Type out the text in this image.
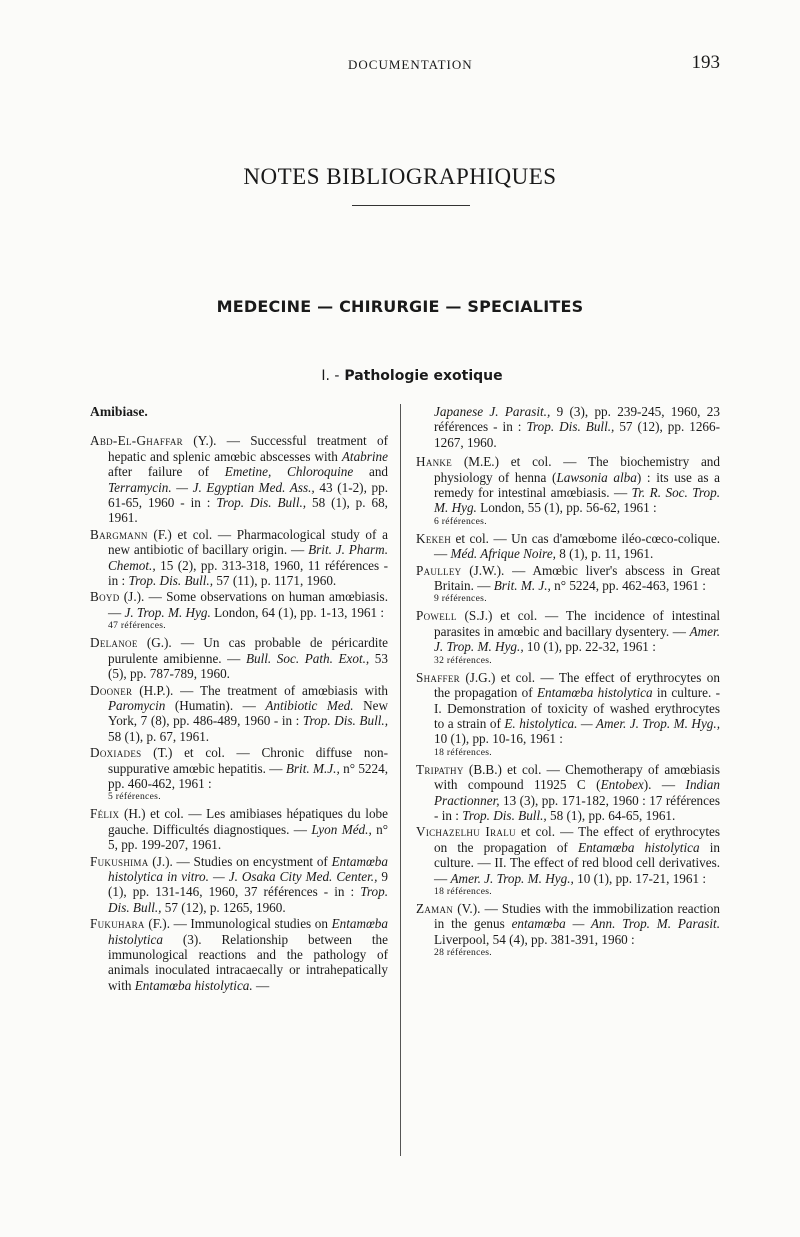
DOCUMENTATION	193
NOTES BIBLIOGRAPHIQUES
MEDECINE — CHIRURGIE — SPECIALITES
I. - Pathologie exotique
Amibiase.
Abd-El-Ghaffar (Y.). — Successful treatment of hepatic and splenic amœbic abscesses with Atabrine after failure of Emetine, Chloroquine and Terramycin. — J. Egyptian Med. Ass., 43 (1-2), pp. 61-65, 1960 - in : Trop. Dis. Bull., 58 (1), p. 68, 1961.
Bargmann (F.) et col. — Pharmacological study of a new antibiotic of bacillary origin. — Brit. J. Pharm. Chemot., 15 (2), pp. 313-318, 1960, 11 références - in : Trop. Dis. Bull., 57 (11), p. 1171, 1960.
Boyd (J.). — Some observations on human amœbiasis. — J. Trop. M. Hyg. London, 64 (1), pp. 1-13, 1961 :
47 références.
Delanoe (G.). — Un cas probable de péricardite purulente amibienne. — Bull. Soc. Path. Exot., 53 (5), pp. 787-789, 1960.
Dooner (H.P.). — The treatment of amœbiasis with Paromycin (Humatin). — Antibiotic Med. New York, 7 (8), pp. 486-489, 1960 - in : Trop. Dis. Bull., 58 (1), p. 67, 1961.
Doxiades (T.) et col. — Chronic diffuse non-suppurative amœbic hepatitis. — Brit. M.J., n° 5224, pp. 460-462, 1961 :
5 références.
Félix (H.) et col. — Les amibiases hépatiques du lobe gauche. Difficultés diagnostiques. — Lyon Méd., n° 5, pp. 199-207, 1961.
Fukushima (J.). — Studies on encystment of Entamœba histolytica in vitro. — J. Osaka City Med. Center., 9 (1), pp. 131-146, 1960, 37 références - in : Trop. Dis. Bull., 57 (12), p. 1265, 1960.
Fukuhara (F.). — Immunological studies on Entamœba histolytica (3). Relationship between the immunological reactions and the pathology of animals inoculated intracaecally or intrahepatically with Entamœba histolytica. —
Japanese J. Parasit., 9 (3), pp. 239-245, 1960, 23 références - in : Trop. Dis. Bull., 57 (12), pp. 1266-1267, 1960.
Hanke (M.E.) et col. — The biochemistry and physiology of henna (Lawsonia alba) : its use as a remedy for intestinal amœbiasis. — Tr. R. Soc. Trop. M. Hyg. London, 55 (1), pp. 56-62, 1961 :
6 références.
Kekeh et col. — Un cas d'amœbome iléo-cœco-colique. — Méd. Afrique Noire, 8 (1), p. 11, 1961.
Paulley (J.W.). — Amœbic liver's abscess in Great Britain. — Brit. M. J., n° 5224, pp. 462-463, 1961 :
9 références.
Powell (S.J.) et col. — The incidence of intestinal parasites in amœbic and bacillary dysentery. — Amer. J. Trop. M. Hyg., 10 (1), pp. 22-32, 1961 :
32 références.
Shaffer (J.G.) et col. — The effect of erythrocytes on the propagation of Entamœba histolytica in culture. - I. Demonstration of toxicity of washed erythrocytes to a strain of E. histolytica. — Amer. J. Trop. M. Hyg., 10 (1), pp. 10-16, 1961 :
18 références.
Tripathy (B.B.) et col. — Chemotherapy of amœbiasis with compound 11925 C (Entobex). — Indian Practionner, 13 (3), pp. 171-182, 1960 : 17 références - in : Trop. Dis. Bull., 58 (1), pp. 64-65, 1961.
Vichazelhu Iralu et col. — The effect of erythrocytes on the propagation of Entamœba histolytica in culture. — II. The effect of red blood cell derivatives. — Amer. J. Trop. M. Hyg., 10 (1), pp. 17-21, 1961 :
18 références.
Zaman (V.). — Studies with the immobilization reaction in the genus entamœba — Ann. Trop. M. Parasit. Liverpool, 54 (4), pp. 381-391, 1960 :
28 références.
